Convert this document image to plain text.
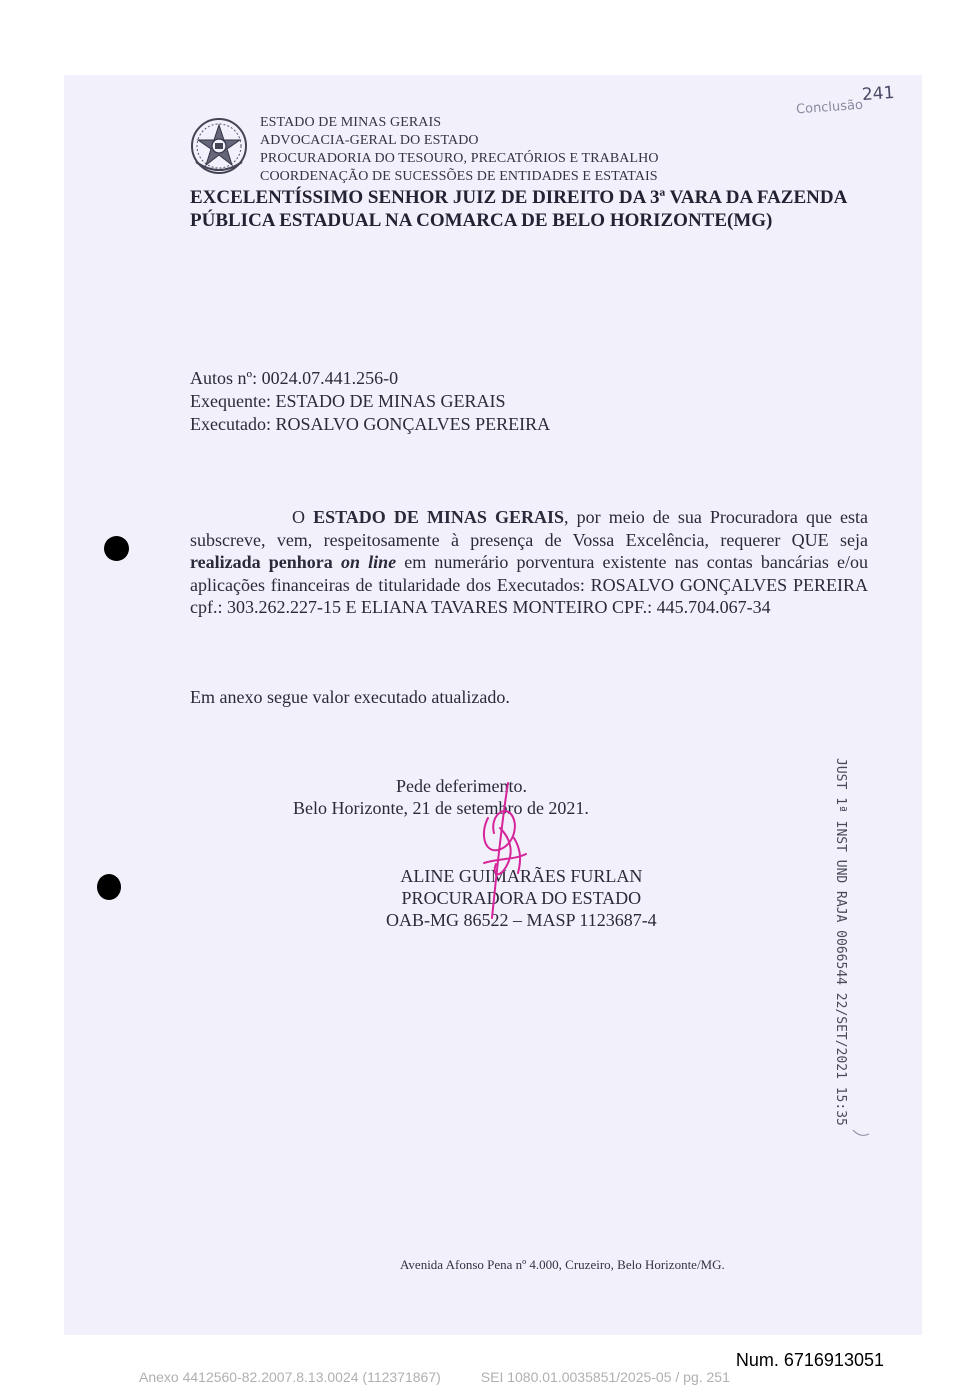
ESTADO DE MINAS GERAIS
ADVOCACIA-GERAL DO ESTADO
PROCURADORIA DO TESOURO, PRECATÓRIOS E TRABALHO
COORDENAÇÃO DE SUCESSÕES DE ENTIDADES E ESTATAIS
Conclusão
241
EXCELENTÍSSIMO SENHOR JUIZ DE DIREITO DA 3ª VARA DA FAZENDA
PÚBLICA ESTADUAL NA COMARCA DE BELO HORIZONTE(MG)
Autos nº: 0024.07.441.256-0
Exequente: ESTADO DE MINAS GERAIS
Executado: ROSALVO GONÇALVES PEREIRA
O ESTADO DE MINAS GERAIS, por meio de sua Procuradora que esta subscreve, vem, respeitosamente à presença de Vossa Excelência, requerer QUE seja realizada penhora on line em numerário porventura existente nas contas bancárias e/ou aplicações financeiras de titularidade dos Executados: ROSALVO GONÇALVES PEREIRA cpf.: 303.262.227-15 E ELIANA TAVARES MONTEIRO CPF.: 445.704.067-34
Em anexo segue valor executado atualizado.
Pede deferimento.
Belo Horizonte, 21 de setembro de 2021.
ALINE GUIMARÃES FURLAN
PROCURADORA DO ESTADO
OAB-MG 86522 – MASP 1123687-4	JUST 1ª INST UND RAJA 0066544 22/SET/2021 15:35
Avenida Afonso Pena nº 4.000, Cruzeiro, Belo Horizonte/MG.
Num. 6716913051
Anexo 4412560-82.2007.8.13.0024 (112371867)	SEI 1080.01.0035851/2025-05 / pg. 251
